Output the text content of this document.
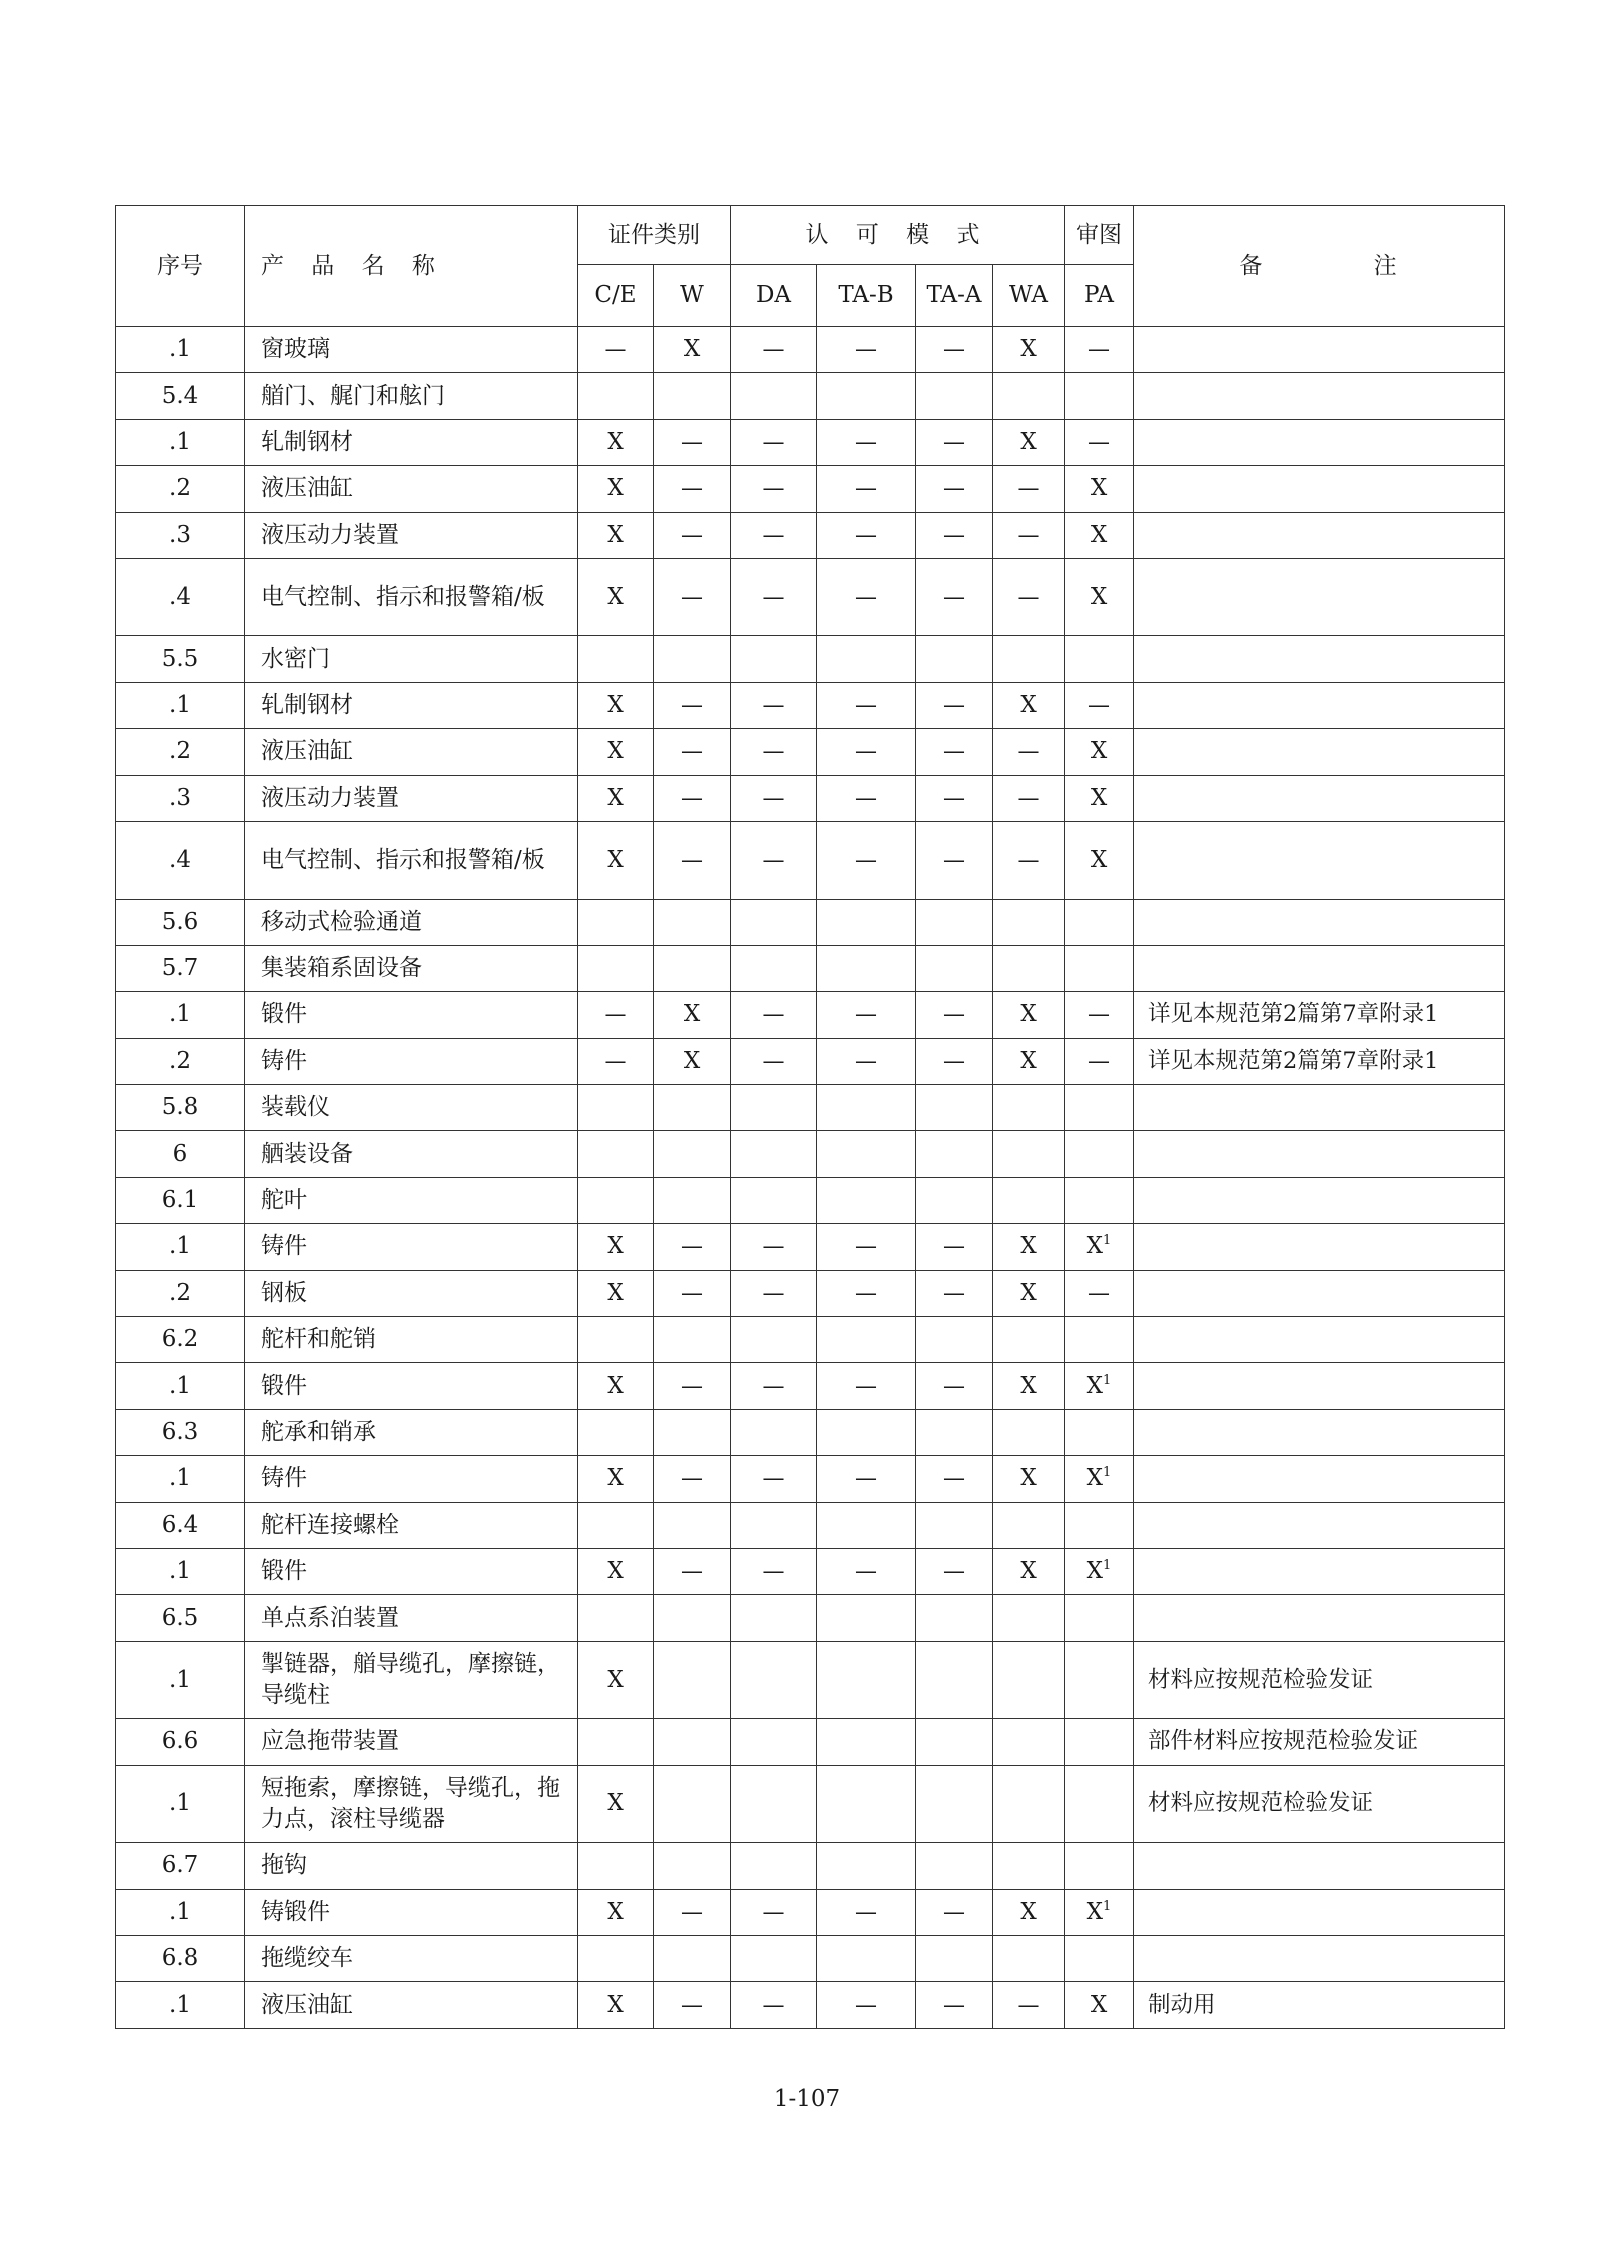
序号	产 品 名 称	证件类别		认 可 模 式				审图	备 注
		C/E	W	DA	TA-B	TA-A	WA	PA	
.1	窗玻璃	—	X	—	—	—	X	—	
5.4	艏门、艉门和舷门								
.1	轧制钢材	X	—	—	—	—	X	—	
.2	液压油缸	X	—	—	—	—	—	X	
.3	液压动力装置	X	—	—	—	—	—	X	
.4	电气控制、指示和报警箱/板	X	—	—	—	—	—	X	
5.5	水密门								
.1	轧制钢材	X	—	—	—	—	X	—	
.2	液压油缸	X	—	—	—	—	—	X	
.3	液压动力装置	X	—	—	—	—	—	X	
.4	电气控制、指示和报警箱/板	X	—	—	—	—	—	X	
5.6	移动式检验通道								
5.7	集装箱系固设备								
.1	锻件	—	X	—	—	—	X	—	详见本规范第2篇第7章附录1
.2	铸件	—	X	—	—	—	X	—	详见本规范第2篇第7章附录1
5.8	装载仪								
6	舾装设备								
6.1	舵叶								
.1	铸件	X	—	—	—	—	X	$X^1$	
.2	钢板	X	—	—	—	—	X	—	
6.2	舵杆和舵销								
.1	锻件	X	—	—	—	—	X	$X^1$	
6.3	舵承和销承								
.1	铸件	X	—	—	—	—	X	$X^1$	
6.4	舵杆连接螺栓								
.1	锻件	X	—	—	—	—	X	$X^1$	
6.5	单点系泊装置								
.1	掣链器，艏导缆孔，摩擦链，导缆柱	X							材料应按规范检验发证
6.6	应急拖带装置								部件材料应按规范检验发证
.1	短拖索，摩擦链，导缆孔，拖力点，滚柱导缆器	X							材料应按规范检验发证
6.7	拖钩								
.1	铸锻件	X	—	—	—	—	X	$X^1$	
6.8	拖缆绞车								
.1	液压油缸	X	—	—	—	—	—	X	制动用
1-107
